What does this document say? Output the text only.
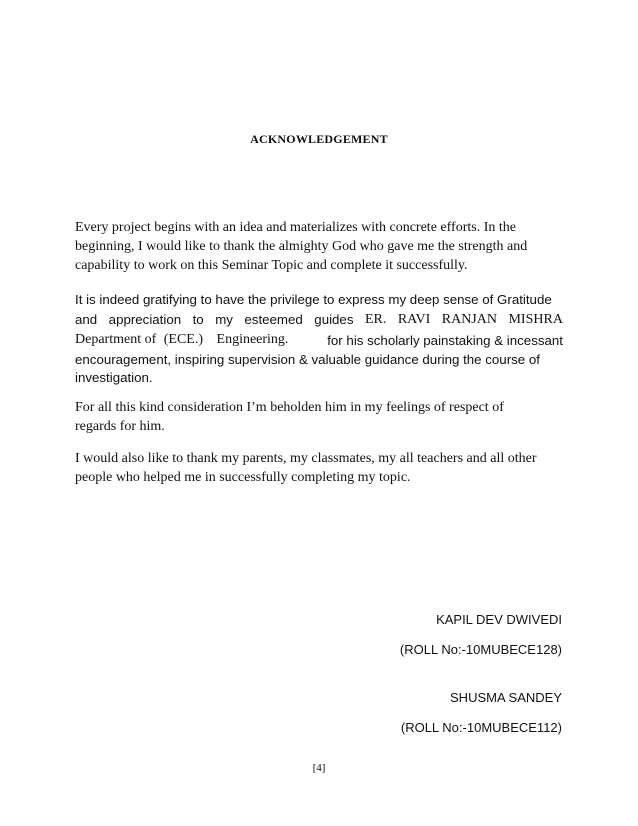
ACKNOWLEDGEMENT
Every project begins with an idea and materializes with concrete efforts. In the
beginning, I would like to thank the almighty God who gave me the strength and
capability to work on this Seminar Topic and complete it successfully.
It is indeed gratifying to have the privilege to express my deep sense of Gratitude
and appreciation to my esteemed guides ER. RAVI RANJAN MISHRA
Department of (ECE.) Engineering.	for his scholarly painstaking & incessant
encouragement, inspiring supervision & valuable guidance during the course of
investigation.
For all this kind consideration I’m beholden him in my feelings of respect of
regards for him.
I would also like to thank my parents, my classmates, my all teachers and all other
people who helped me in successfully completing my topic.
KAPIL DEV DWIVEDI
(ROLL No:-10MUBECE128)
SHUSMA SANDEY
(ROLL No:-10MUBECE112)
[4]
